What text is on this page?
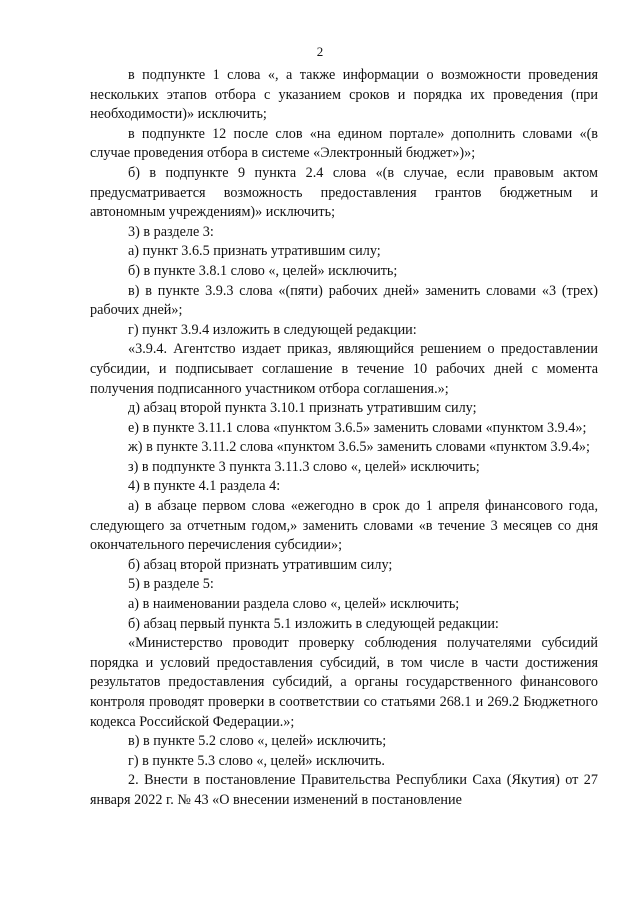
2

в подпункте 1 слова «, а также информации о возможности проведения нескольких этапов отбора с указанием сроков и порядка их проведения (при необходимости)» исключить;

в подпункте 12 после слов «на едином портале» дополнить словами «(в случае проведения отбора в системе «Электронный бюджет»)»;

б) в подпункте 9 пункта 2.4 слова «(в случае, если правовым актом предусматривается возможность предоставления грантов бюджетным и автономным учреждениям)» исключить;

3) в разделе 3:

а) пункт 3.6.5 признать утратившим силу;

б) в пункте 3.8.1 слово «, целей» исключить;

в) в пункте 3.9.3 слова «(пяти) рабочих дней» заменить словами «3 (трех) рабочих дней»;

г) пункт 3.9.4 изложить в следующей редакции:

«3.9.4. Агентство издает приказ, являющийся решением о предоставлении субсидии, и подписывает соглашение в течение 10 рабочих дней с момента получения подписанного участником отбора соглашения.»;

д) абзац второй пункта 3.10.1 признать утратившим силу;

е) в пункте 3.11.1 слова «пунктом 3.6.5» заменить словами «пунктом 3.9.4»;

ж) в пункте 3.11.2 слова «пунктом 3.6.5» заменить словами «пунктом 3.9.4»;

з) в подпункте 3 пункта 3.11.3 слово «, целей» исключить;

4) в пункте 4.1 раздела 4:

а) в абзаце первом слова «ежегодно в срок до 1 апреля финансового года, следующего за отчетным годом,» заменить словами «в течение 3 месяцев со дня окончательного перечисления субсидии»;

б) абзац второй признать утратившим силу;

5) в разделе 5:

а) в наименовании раздела слово «, целей» исключить;

б) абзац первый пункта 5.1 изложить в следующей редакции:

«Министерство проводит проверку соблюдения получателями субсидий порядка и условий предоставления субсидий, в том числе в части достижения результатов предоставления субсидий, а органы государственного финансового контроля проводят проверки в соответствии со статьями 268.1 и 269.2 Бюджетного кодекса Российской Федерации.»;

в) в пункте 5.2 слово «, целей» исключить;

г) в пункте 5.3 слово «, целей» исключить.

2. Внести в постановление Правительства Республики Саха (Якутия) от 27 января 2022 г. № 43 «О внесении изменений в постановление
